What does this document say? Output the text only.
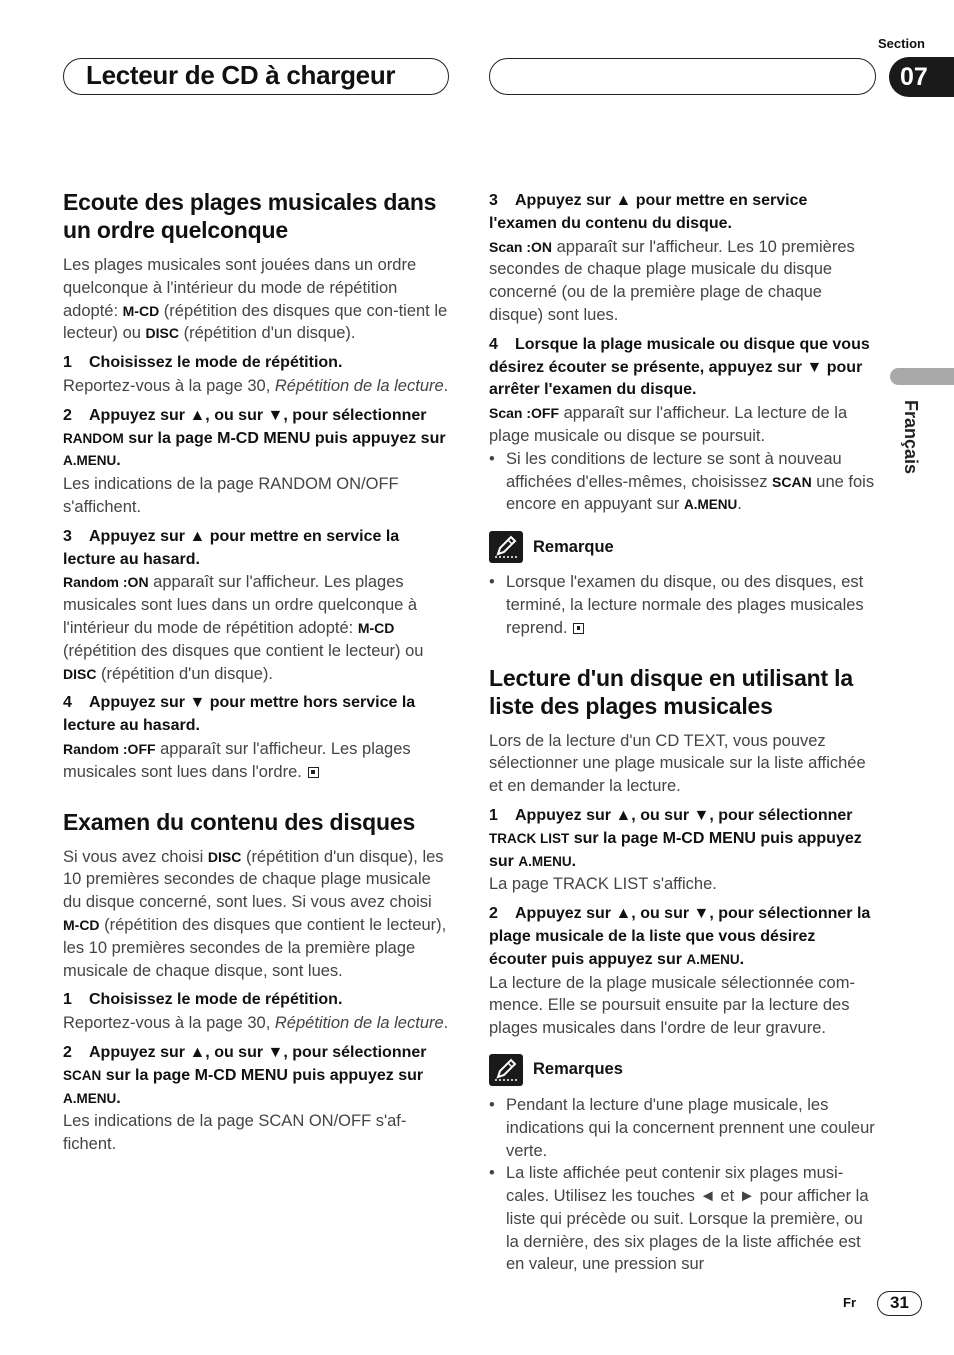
Section
Lecteur de CD à chargeur	07
Français
Ecoute des plages musicales dans un ordre quelconque

Les plages musicales sont jouées dans un ordre quelconque à l'intérieur du mode de répétition adopté: M-CD (répétition des disques que con-tient le lecteur) ou DISC (répétition d'un disque).

1 Choisissez le mode de répétition.

Reportez-vous à la page 30, Répétition de la lecture.

2 Appuyez sur ▲, ou sur ▼, pour sélectionner RANDOM sur la page M-CD MENU puis appuyez sur A.MENU.

Les indications de la page RANDOM ON/OFF s'affichent.

3 Appuyez sur ▲ pour mettre en service la lecture au hasard.

Random :ON apparaît sur l'afficheur. Les plages musicales sont lues dans un ordre quelconque à l'intérieur du mode de répétition adopté: M-CD (répétition des disques que contient le lecteur) ou DISC (répétition d'un disque).

4 Appuyez sur ▼ pour mettre hors service la lecture au hasard.

Random :OFF apparaît sur l'afficheur. Les plages musicales sont lues dans l'ordre.

Examen du contenu des disques

Si vous avez choisi DISC (répétition d'un disque), les 10 premières secondes de chaque plage musicale du disque concerné, sont lues. Si vous avez choisi M-CD (répétition des disques que contient le lecteur), les 10 premières secondes de la première plage musicale de chaque disque, sont lues.

1 Choisissez le mode de répétition.

Reportez-vous à la page 30, Répétition de la lecture.

2 Appuyez sur ▲, ou sur ▼, pour sélectionner SCAN sur la page M-CD MENU puis appuyez sur A.MENU.

Les indications de la page SCAN ON/OFF s'af-fichent.

3 Appuyez sur ▲ pour mettre en service l'examen du contenu du disque.

Scan :ON apparaît sur l'afficheur. Les 10 premières secondes de chaque plage musicale du disque concerné (ou de la première plage de chaque disque) sont lues.

4 Lorsque la plage musicale ou disque que vous désirez écouter se présente, appuyez sur ▼ pour arrêter l'examen du disque.

Scan :OFF apparaît sur l'afficheur. La lecture de la plage musicale ou disque se poursuit.

• Si les conditions de lecture se sont à nouveau affichées d'elles-mêmes, choisissez SCAN une fois encore en appuyant sur A.MENU.

Remarque

• Lorsque l'examen du disque, ou des disques, est terminé, la lecture normale des plages musicales reprend.

Lecture d'un disque en utilisant la liste des plages musicales

Lors de la lecture d'un CD TEXT, vous pouvez sélectionner une plage musicale sur la liste affichée et en demander la lecture.

1 Appuyez sur ▲, ou sur ▼, pour sélectionner TRACK LIST sur la page M-CD MENU puis appuyez sur A.MENU.

La page TRACK LIST s'affiche.

2 Appuyez sur ▲, ou sur ▼, pour sélectionner la plage musicale de la liste que vous désirez écouter puis appuyez sur A.MENU.

La lecture de la plage musicale sélectionnée com-mence. Elle se poursuit ensuite par la lecture des plages musicales dans l'ordre de leur gravure.

Remarques

• Pendant la lecture d'une plage musicale, les indications qui la concernent prennent une couleur verte.

• La liste affichée peut contenir six plages musi-cales. Utilisez les touches ◄ et ► pour afficher la liste qui précède ou suit. Lorsque la première, ou la dernière, des six plages de la liste affichée est en valeur, une pression sur

Fr	31
